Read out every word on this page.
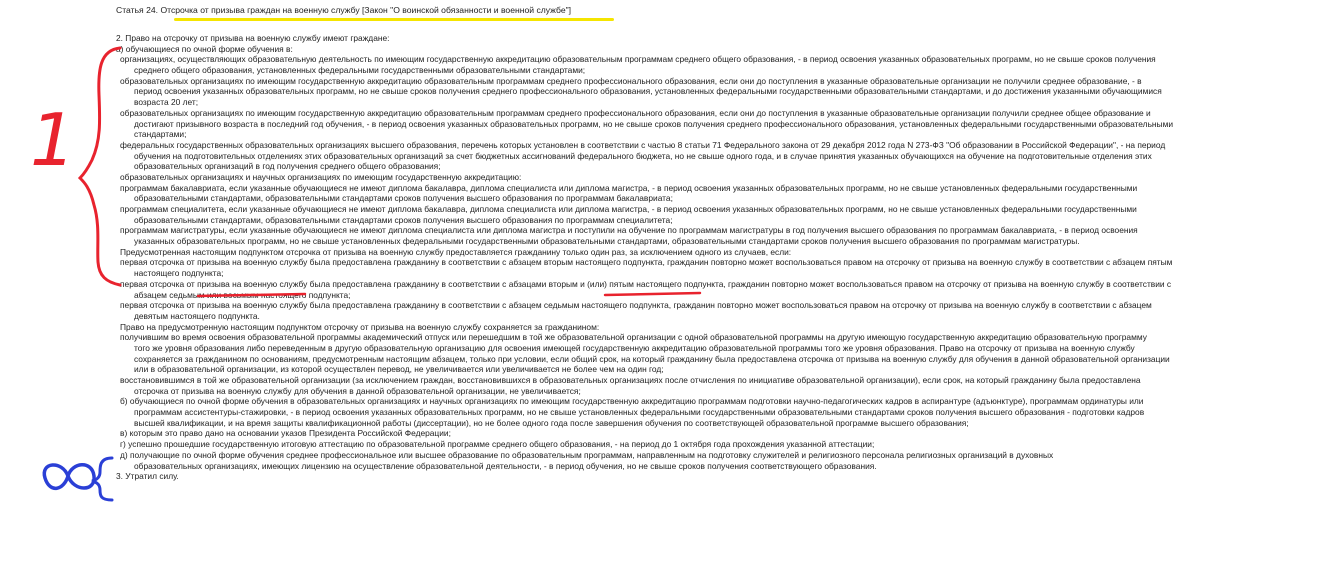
Статья 24. Отсрочка от призыва граждан на военную службу [Закон "О воинской обязанности и военной службе"]
2. Право на отсрочку от призыва на военную службу имеют граждане:
а) обучающиеся по очной форме обучения в:
организациях, осуществляющих образовательную деятельность по имеющим государственную аккредитацию образовательным программам среднего общего образования, - в период освоения указанных образовательных программ, но не свыше сроков получения
среднего общего образования, установленных федеральными государственными образовательными стандартами;
образовательных организациях по имеющим государственную аккредитацию образовательным программам среднего профессионального образования, если они до поступления в указанные образовательные организации не получили среднее образование, - в
период освоения указанных образовательных программ, но не свыше сроков получения среднего профессионального образования, установленных федеральными государственными образовательными стандартами, и до достижения указанными обучающимися
возраста 20 лет;
образовательных организациях по имеющим государственную аккредитацию образовательным программам среднего профессионального образования, если они до поступления в указанные образовательные организации получили среднее общее образование и
достигают призывного возраста в последний год обучения, - в период освоения указанных образовательных программ, но не свыше сроков получения среднего профессионального образования, установленных федеральными государственными образовательными
стандартами;
федеральных государственных образовательных организациях высшего образования, перечень которых установлен в соответствии с частью 8 статьи 71 Федерального закона от 29 декабря 2012 года N 273-ФЗ "Об образовании в Российской Федерации", - на период
обучения на подготовительных отделениях этих образовательных организаций за счет бюджетных ассигнований федерального бюджета, но не свыше одного года, и в случае принятия указанных обучающихся на обучение на подготовительные отделения этих
образовательных организаций в год получения среднего общего образования;
образовательных организациях и научных организациях по имеющим государственную аккредитацию:
программам бакалавриата, если указанные обучающиеся не имеют диплома бакалавра, диплома специалиста или диплома магистра, - в период освоения указанных образовательных программ, но не свыше установленных федеральными государственными
образовательными стандартами, образовательными стандартами сроков получения высшего образования по программам бакалавриата;
программам специалитета, если указанные обучающиеся не имеют диплома бакалавра, диплома специалиста или диплома магистра, - в период освоения указанных образовательных программ, но не свыше установленных федеральными государственными
образовательными стандартами, образовательными стандартами сроков получения высшего образования по программам специалитета;
программам магистратуры, если указанные обучающиеся не имеют диплома специалиста или диплома магистра и поступили на обучение по программам магистратуры в год получения высшего образования по программам бакалавриата, - в период освоения
указанных образовательных программ, но не свыше установленных федеральными государственными образовательными стандартами, образовательными стандартами сроков получения высшего образования по программам магистратуры.
Предусмотренная настоящим подпунктом отсрочка от призыва на военную службу предоставляется гражданину только один раз, за исключением одного из случаев, если:
первая отсрочка от призыва на военную службу была предоставлена гражданину в соответствии с абзацем вторым настоящего подпункта, гражданин повторно может воспользоваться правом на отсрочку от призыва на военную службу в соответствии с абзацем пятым
настоящего подпункта;
первая отсрочка от призыва на военную службу была предоставлена гражданину в соответствии с абзацами вторым и (или) пятым настоящего подпункта, гражданин повторно может воспользоваться правом на отсрочку от призыва на военную службу в соответствии с
абзацем седьмым или восьмым настоящего подпункта;
первая отсрочка от призыва на военную службу была предоставлена гражданину в соответствии с абзацем седьмым настоящего подпункта, гражданин повторно может воспользоваться правом на отсрочку от призыва на военную службу в соответствии с абзацем
девятым настоящего подпункта.
Право на предусмотренную настоящим подпунктом отсрочку от призыва на военную службу сохраняется за гражданином:
получившим во время освоения образовательной программы академический отпуск или перешедшим в той же образовательной организации с одной образовательной программы на другую имеющую государственную аккредитацию образовательную программу
того же уровня образования либо переведенным в другую образовательную организацию для освоения имеющей государственную аккредитацию образовательной программы того же уровня образования. Право на отсрочку от призыва на военную службу
сохраняется за гражданином по основаниям, предусмотренным настоящим абзацем, только при условии, если общий срок, на который гражданину была предоставлена отсрочка от призыва на военную службу для обучения в данной образовательной организации
или в образовательной организации, из которой осуществлен перевод, не увеличивается или увеличивается не более чем на один год;
восстановившимся в той же образовательной организации (за исключением граждан, восстановившихся в образовательных организациях после отчисления по инициативе образовательной организации), если срок, на который гражданину была предоставлена
отсрочка от призыва на военную службу для обучения в данной образовательной организации, не увеличивается;
б) обучающиеся по очной форме обучения в образовательных организациях и научных организациях по имеющим государственную аккредитацию программам подготовки научно-педагогических кадров в аспирантуре (адъюнктуре), программам ординатуры или
программам ассистентуры-стажировки, - в период освоения указанных образовательных программ, но не свыше установленных федеральными государственными образовательными стандартами сроков получения высшего образования - подготовки кадров
высшей квалификации, и на время защиты квалификационной работы (диссертации), но не более одного года после завершения обучения по соответствующей образовательной программе высшего образования;
в) которым это право дано на основании указов Президента Российской Федерации;
г) успешно прошедшие государственную итоговую аттестацию по образовательной программе среднего общего образования, - на период до 1 октября года прохождения указанной аттестации;
д) получающие по очной форме обучения среднее профессиональное или высшее образование по образовательным программам, направленным на подготовку служителей и религиозного персонала религиозных организаций в духовных
образовательных организациях, имеющих лицензию на осуществление образовательной деятельности, - в период обучения, но не свыше сроков получения соответствующего образования.
3. Утратил силу.
1
